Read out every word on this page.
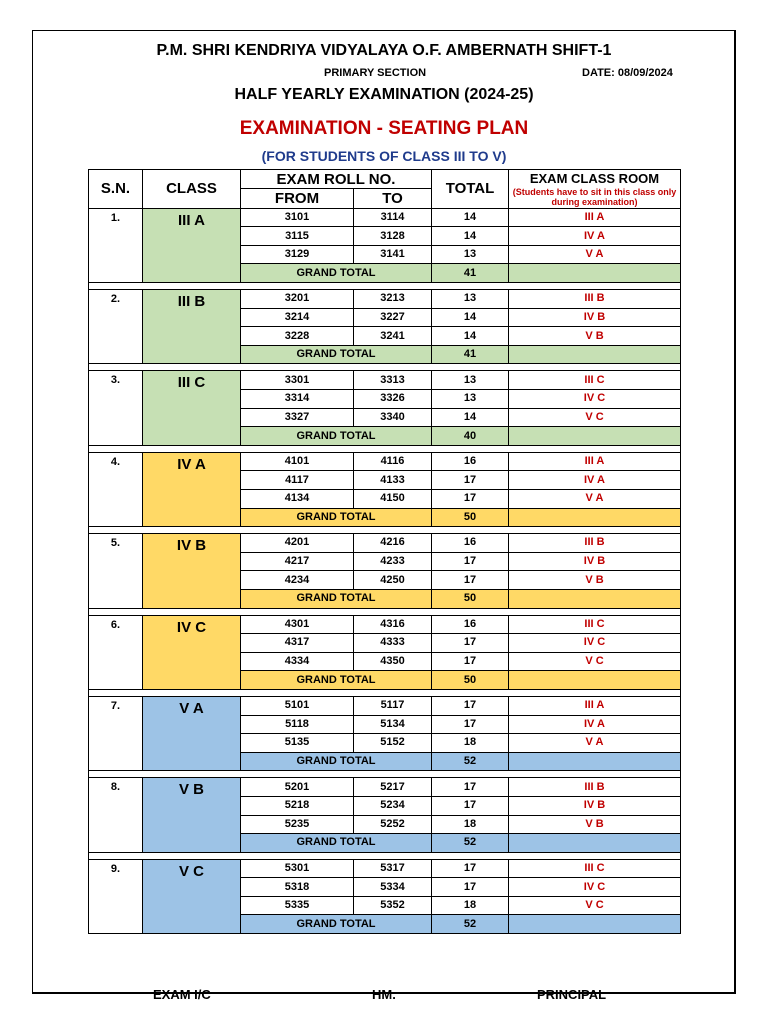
P.M. SHRI KENDRIYA VIDYALAYA O.F. AMBERNATH SHIFT-1
PRIMARY SECTION	DATE: 08/09/2024
HALF YEARLY EXAMINATION (2024-25)
EXAMINATION - SEATING PLAN
(FOR STUDENTS OF CLASS III TO V)
S.N.	CLASS	EXAM ROLL NO.		TOTAL	EXAM CLASS ROOM
(Students have to sit in this class only during examination)

		FROM	TO		
1.	III A	3101	3114	14	III A
		3115	3128	14	IV A
		3129	3141	13	V A
		GRAND TOTAL		41	

2.	III B	3201	3213	13	III B
		3214	3227	14	IV B
		3228	3241	14	V B
		GRAND TOTAL		41	

3.	III C	3301	3313	13	III C
		3314	3326	13	IV C
		3327	3340	14	V C
		GRAND TOTAL		40	

4.	IV A	4101	4116	16	III A
		4117	4133	17	IV A
		4134	4150	17	V A
		GRAND TOTAL		50	

5.	IV B	4201	4216	16	III B
		4217	4233	17	IV B
		4234	4250	17	V B
		GRAND TOTAL		50	

6.	IV C	4301	4316	16	III C
		4317	4333	17	IV C
		4334	4350	17	V C
		GRAND TOTAL		50	

7.	V A	5101	5117	17	III A
		5118	5134	17	IV A
		5135	5152	18	V A
		GRAND TOTAL		52	

8.	V B	5201	5217	17	III B
		5218	5234	17	IV B
		5235	5252	18	V B
		GRAND TOTAL		52	

9.	V C	5301	5317	17	III C
		5318	5334	17	IV C
		5335	5352	18	V C
		GRAND TOTAL		52	
EXAM I/C	HM.	PRINCIPAL
